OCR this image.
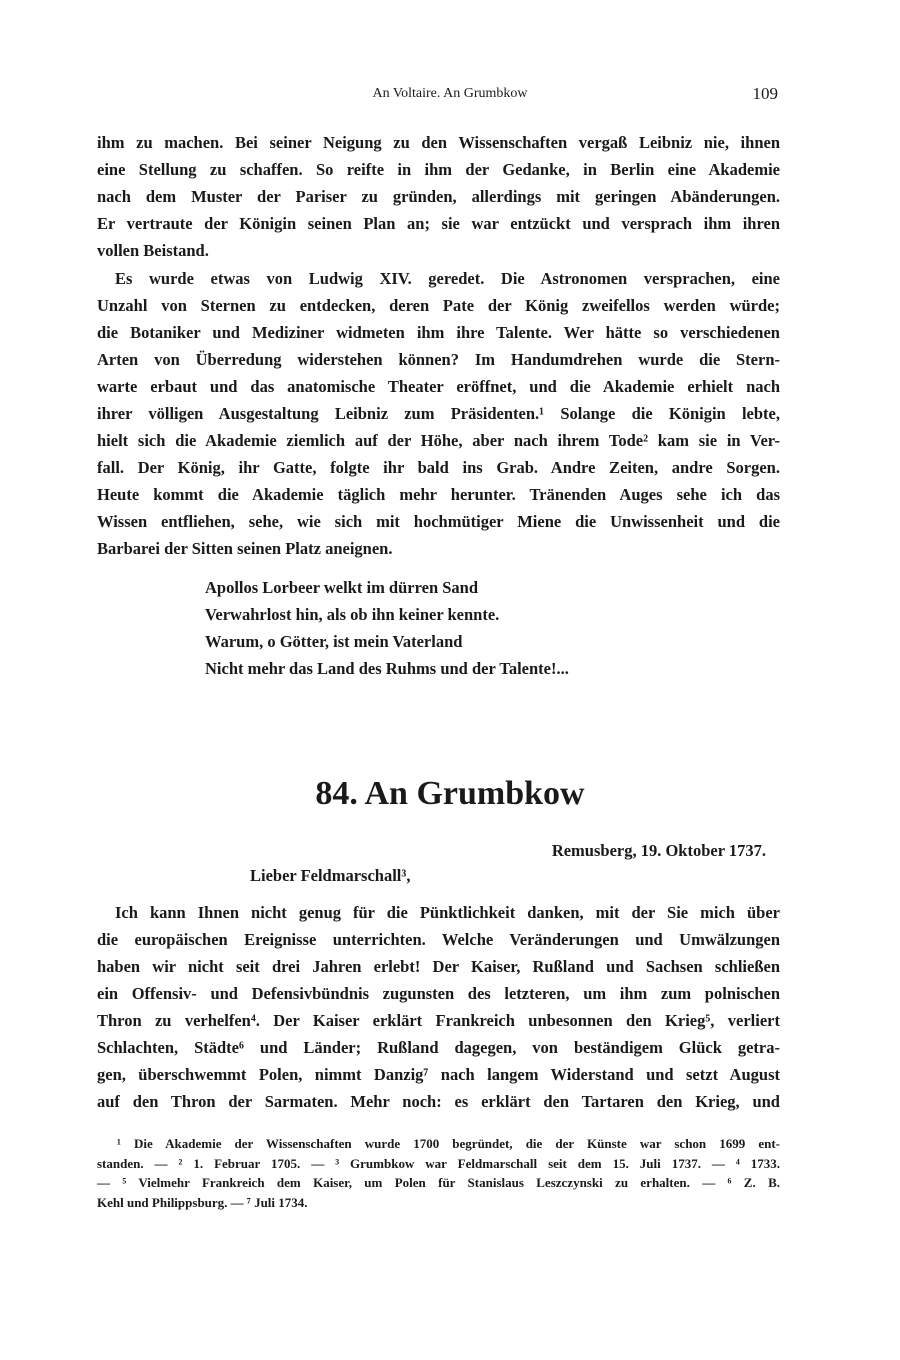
An Voltaire. An Grumbkow	109
ihm zu machen. Bei seiner Neigung zu den Wissenschaften vergaß Leibniz nie, ihnen
eine Stellung zu schaffen. So reifte in ihm der Gedanke, in Berlin eine Akademie
nach dem Muster der Pariser zu gründen, allerdings mit geringen Abänderungen.
Er vertraute der Königin seinen Plan an; sie war entzückt und versprach ihm ihren
vollen Beistand.
Es wurde etwas von Ludwig XIV. geredet. Die Astronomen versprachen, eine
Unzahl von Sternen zu entdecken, deren Pate der König zweifellos werden würde;
die Botaniker und Mediziner widmeten ihm ihre Talente. Wer hätte so verschiedenen
Arten von Überredung widerstehen können? Im Handumdrehen wurde die Stern-
warte erbaut und das anatomische Theater eröffnet, und die Akademie erhielt nach
ihrer völligen Ausgestaltung Leibniz zum Präsidenten.¹ Solange die Königin lebte,
hielt sich die Akademie ziemlich auf der Höhe, aber nach ihrem Tode² kam sie in Ver-
fall. Der König, ihr Gatte, folgte ihr bald ins Grab. Andre Zeiten, andre Sorgen.
Heute kommt die Akademie täglich mehr herunter. Tränenden Auges sehe ich das
Wissen entfliehen, sehe, wie sich mit hochmütiger Miene die Unwissenheit und die
Barbarei der Sitten seinen Platz aneignen.
Apollos Lorbeer welkt im dürren Sand
Verwahrlost hin, als ob ihn keiner kennte.
Warum, o Götter, ist mein Vaterland
Nicht mehr das Land des Ruhms und der Talente!...
84. An Grumbkow
Remusberg, 19. Oktober 1737.
Lieber Feldmarschall³,
Ich kann Ihnen nicht genug für die Pünktlichkeit danken, mit der Sie mich über
die europäischen Ereignisse unterrichten. Welche Veränderungen und Umwälzungen
haben wir nicht seit drei Jahren erlebt! Der Kaiser, Rußland und Sachsen schließen
ein Offensiv- und Defensivbündnis zugunsten des letzteren, um ihm zum polnischen
Thron zu verhelfen⁴. Der Kaiser erklärt Frankreich unbesonnen den Krieg⁵, verliert
Schlachten, Städte⁶ und Länder; Rußland dagegen, von beständigem Glück getra-
gen, überschwemmt Polen, nimmt Danzig⁷ nach langem Widerstand und setzt August
auf den Thron der Sarmaten. Mehr noch: es erklärt den Tartaren den Krieg, und
¹ Die Akademie der Wissenschaften wurde 1700 begründet, die der Künste war schon 1699 ent-
standen. — ² 1. Februar 1705. — ³ Grumbkow war Feldmarschall seit dem 15. Juli 1737. — ⁴ 1733.
— ⁵ Vielmehr Frankreich dem Kaiser, um Polen für Stanislaus Leszczynski zu erhalten. — ⁶ Z. B.
Kehl und Philippsburg. — ⁷ Juli 1734.
